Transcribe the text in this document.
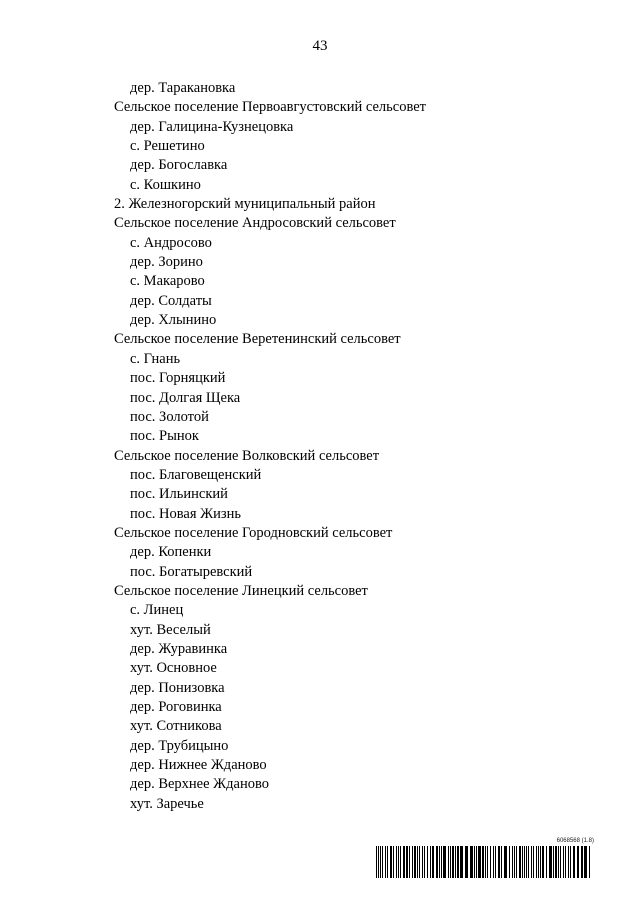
43
дер. Таракановка
Сельское поселение Первоавгустовский сельсовет
дер. Галицина-Кузнецовка
с. Решетино
дер. Богославка
с. Кошкино
2. Железногорский муниципальный район
Сельское поселение Андросовский сельсовет
с. Андросово
дер. Зорино
с. Макарово
дер. Солдаты
дер. Хлынино
Сельское поселение Веретенинский сельсовет
с. Гнань
пос. Горняцкий
пос. Долгая Щека
пос. Золотой
пос. Рынок
Сельское поселение Волковский сельсовет
пос. Благовещенский
пос. Ильинский
пос. Новая Жизнь
Сельское поселение Городновский сельсовет
дер. Копенки
пос. Богатыревский
Сельское поселение Линецкий сельсовет
с. Линец
хут. Веселый
дер. Журавинка
хут. Основное
дер. Понизовка
дер. Роговинка
хут. Сотникова
дер. Трубицыно
дер. Нижнее Жданово
дер. Верхнее Жданово
хут. Заречье
6068568 (1.8)
